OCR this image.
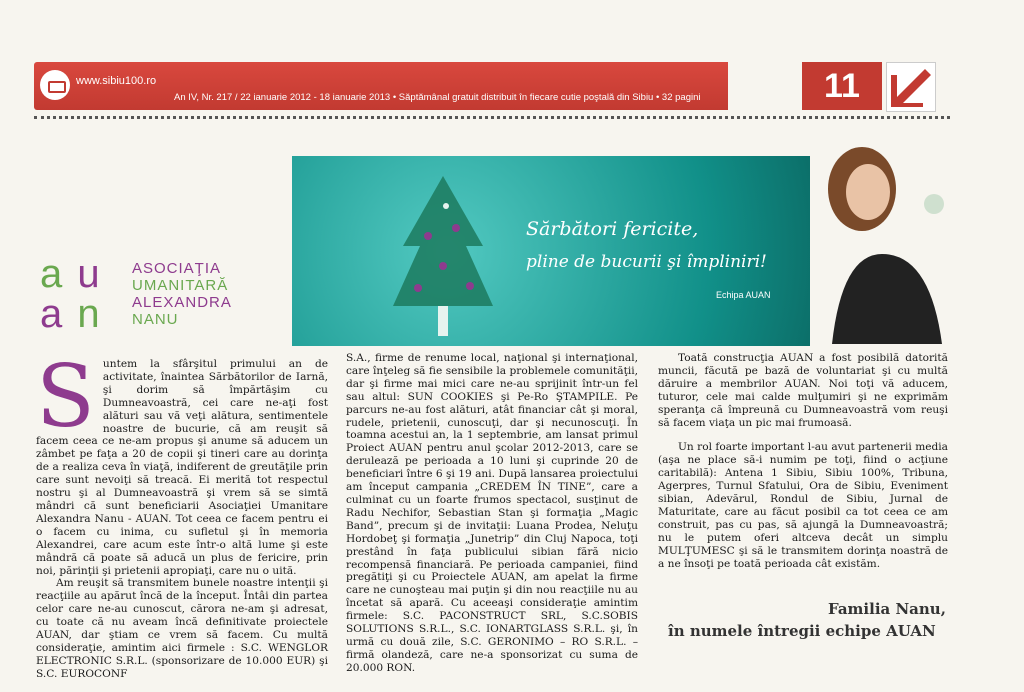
www.sibiu100.ro
An IV, Nr. 217 / 22 ianuarie 2012 - 18 ianuarie 2013 • Săptămânal gratuit distribuit în fiecare cutie poştală din Sibiu • 32 pagini	11
Sărbători fericite,
pline de bucurii şi împliniri!
Echipa AUAN
a u
a n
ASOCIAŢIA
UMANITARĂ
ALEXANDRA
NANU

Suntem la sfârşitul primului an de activitate, înaintea Sărbătorilor de Iarnă, şi dorim să împărtăşim cu Dumneavoastră, cei care ne-aţi fost alături sau vă veţi alătura, sentimentele noastre de bucurie, că am reuşit să facem ceea ce ne-am propus şi anume să aducem un zâmbet pe faţa a 20 de copii şi tineri care au dorinţa de a realiza ceva în viaţă, indiferent de greutăţile prin care sunt nevoiţi să treacă. Ei merită tot respectul nostru şi al Dumneavoastră şi vrem să se simtă mândri că sunt beneficiarii Asociaţiei Umanitare Alexandra Nanu - AUAN. Tot ceea ce facem pentru ei o facem cu inima, cu sufletul şi în memoria Alexandrei, care acum este într-o altă lume şi este mândră că poate să aducă un plus de fericire, prin noi, părinţii şi prietenii apropiaţi, care nu o uită.

Am reuşit să transmitem bunele noastre intenţii şi reacţiile au apărut încă de la început. Întâi din partea celor care ne-au cunoscut, cărora ne-am şi adresat, cu toate că nu aveam încă definitivate proiectele AUAN, dar ştiam ce vrem să facem. Cu multă consideraţie, amintim aici firmele : S.C. WENGLOR ELECTRONIC S.R.L. (sponsorizare de 10.000 EUR) şi S.C. EUROCONF

S.A., firme de renume local, naţional şi internaţional, care înţeleg să fie sensibile la problemele comunităţii, dar şi firme mai mici care ne-au sprijinit într-un fel sau altul: SUN COOKIES şi Pe-Ro ŞTAMPILE. Pe parcurs ne-au fost alături, atât financiar cât şi moral, rudele, prietenii, cunoscuţi, dar şi necunoscuţi. În toamna acestui an, la 1 septembrie, am lansat primul Proiect AUAN pentru anul şcolar 2012-2013, care se derulează pe perioada a 10 luni şi cuprinde 20 de beneficiari între 6 şi 19 ani. După lansarea proiectului am început campania „CREDEM ÎN TINE”, care a culminat cu un foarte frumos spectacol, susţinut de Radu Nechifor, Sebastian Stan şi formaţia „Magic Band”, precum şi de invitaţii: Luana Prodea, Neluţu Hordobeţ şi formaţia „Junetrip” din Cluj Napoca, toţi prestând în faţa publicului sibian fără nicio recompensă financiară. Pe perioada campaniei, fiind pregătiţi şi cu Proiectele AUAN, am apelat la firme care ne cunoşteau mai puţin şi din nou reacţiile nu au încetat să apară. Cu aceeaşi consideraţie amintim firmele: S.C. PACONSTRUCT SRL, S.C.SOBIS SOLUTIONS S.R.L., S.C. IONARTGLASS S.R.L. şi, în urmă cu două zile, S.C. GERONIMO – RO S.R.L. – firmă olandeză, care ne-a sponsorizat cu suma de 20.000 RON.

Toată construcţia AUAN a fost posibilă datorită muncii, făcută pe bază de voluntariat şi cu multă dăruire a membrilor AUAN. Noi toţi vă aducem, tuturor, cele mai calde mulţumiri şi ne exprimăm speranţa că împreună cu Dumneavoastră vom reuşi să facem viaţa un pic mai frumoasă.

Un rol foarte important l-au avut partenerii media (aşa ne place să-i numim pe toţi, fiind o acţiune caritabilă): Antena 1 Sibiu, Sibiu 100%, Tribuna, Agerpres, Turnul Sfatului, Ora de Sibiu, Eveniment sibian, Adevărul, Rondul de Sibiu, Jurnal de Maturitate, care au făcut posibil ca tot ceea ce am construit, pas cu pas, să ajungă la Dumneavoastră; nu le putem oferi altceva decât un simplu MULŢUMESC şi să le transmitem dorinţa noastră de a ne însoţi pe toată perioada cât existăm.

Familia Nanu,
în numele întregii echipe AUAN
